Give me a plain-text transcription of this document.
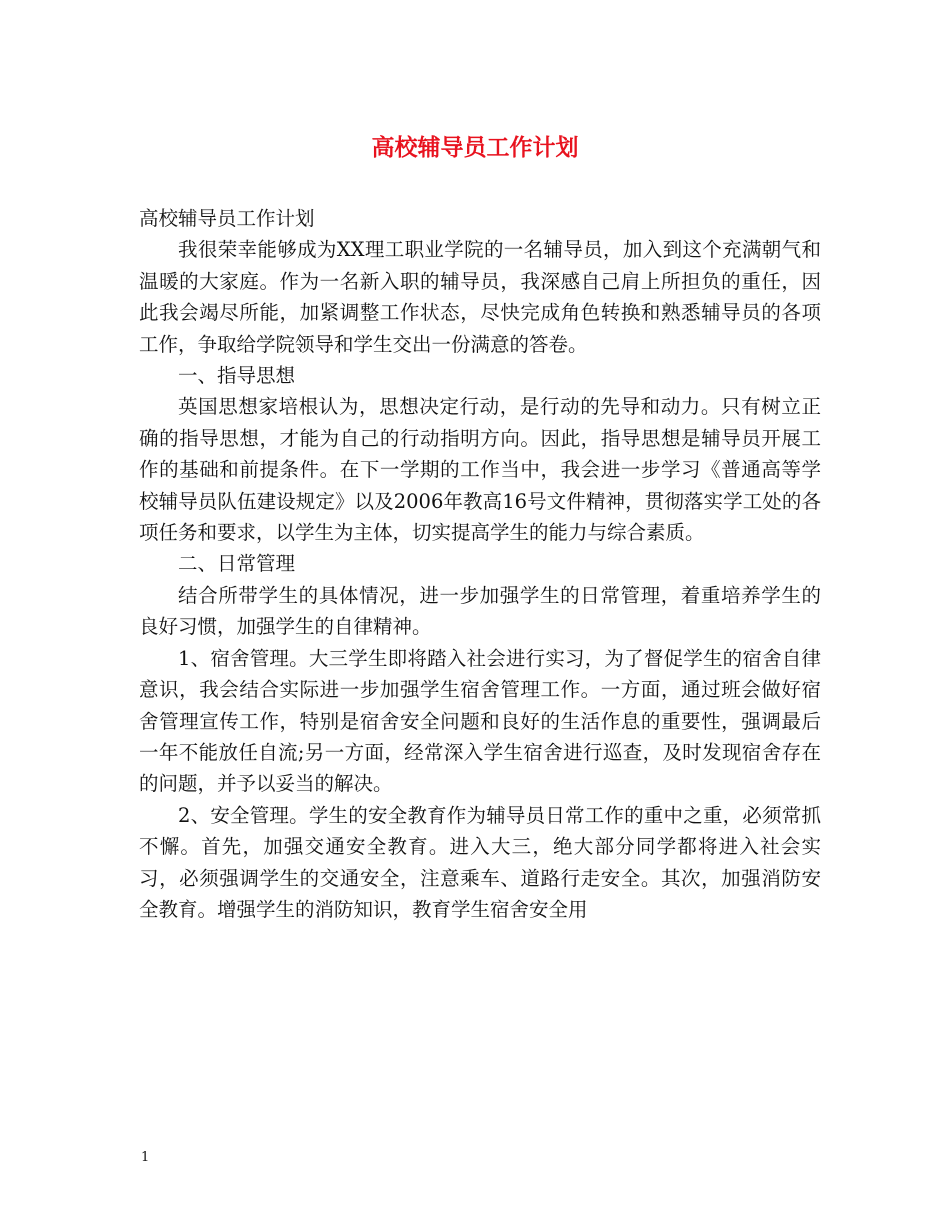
高校辅导员工作计划

高校辅导员工作计划

我很荣幸能够成为XX理工职业学院的一名辅导员，加入到这个充满朝气和温暖的大家庭。作为一名新入职的辅导员，我深感自己肩上所担负的重任，因此我会竭尽所能，加紧调整工作状态，尽快完成角色转换和熟悉辅导员的各项工作，争取给学院领导和学生交出一份满意的答卷。

一、指导思想

英国思想家培根认为，思想决定行动，是行动的先导和动力。只有树立正确的指导思想，才能为自己的行动指明方向。因此，指导思想是辅导员开展工作的基础和前提条件。在下一学期的工作当中，我会进一步学习《普通高等学校辅导员队伍建设规定》以及2006年教高16号文件精神，贯彻落实学工处的各项任务和要求，以学生为主体，切实提高学生的能力与综合素质。

二、日常管理

结合所带学生的具体情况，进一步加强学生的日常管理，着重培养学生的良好习惯，加强学生的自律精神。

1、宿舍管理。大三学生即将踏入社会进行实习，为了督促学生的宿舍自律意识，我会结合实际进一步加强学生宿舍管理工作。一方面，通过班会做好宿舍管理宣传工作，特别是宿舍安全问题和良好的生活作息的重要性，强调最后一年不能放任自流;另一方面，经常深入学生宿舍进行巡查，及时发现宿舍存在的问题，并予以妥当的解决。

2、安全管理。学生的安全教育作为辅导员日常工作的重中之重，必须常抓不懈。首先，加强交通安全教育。进入大三，绝大部分同学都将进入社会实习，必须强调学生的交通安全，注意乘车、道路行走安全。其次，加强消防安全教育。增强学生的消防知识，教育学生宿舍安全用

1
